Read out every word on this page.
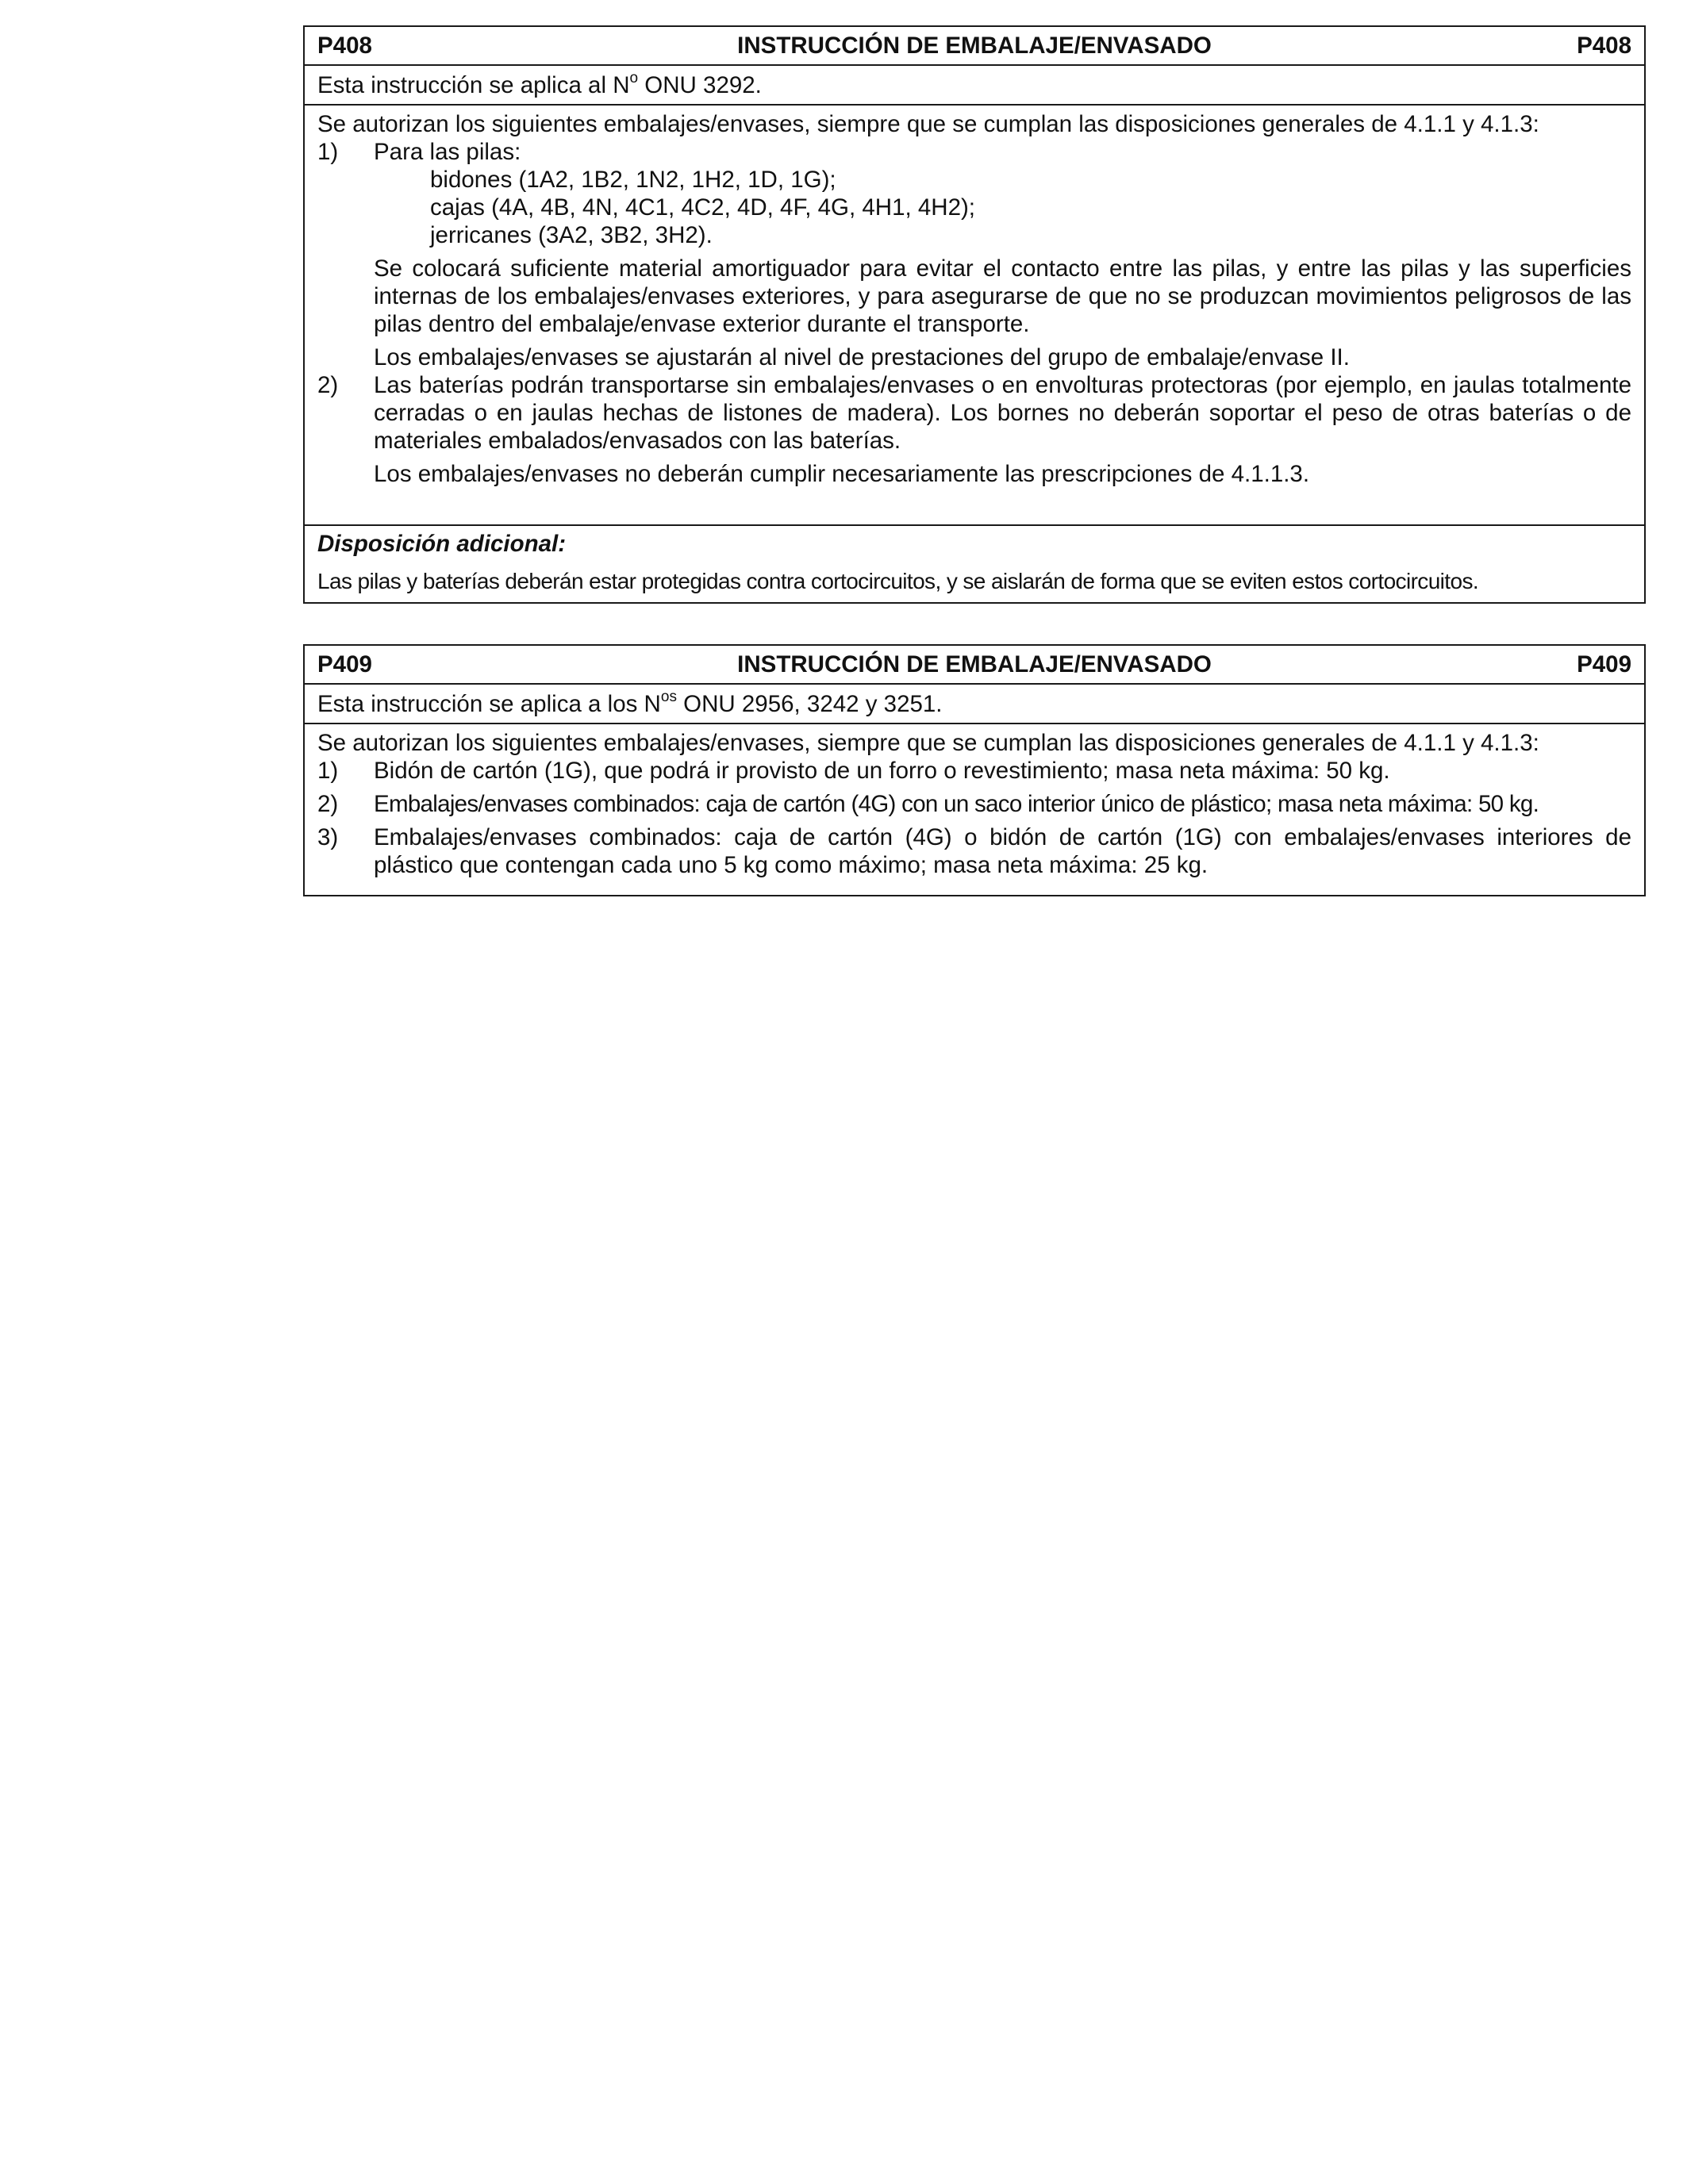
P408	INSTRUCCIÓN DE EMBALAJE/ENVASADO	P408
Esta instrucción se aplica al $N^o$ ONU 3292.
Se autorizan los siguientes embalajes/envases, siempre que se cumplan las disposiciones generales de 4.1.1 y 4.1.3:
1)	Para las pilas:
bidones (1A2, 1B2, 1N2, 1H2, 1D, 1G);
cajas (4A, 4B, 4N, 4C1, 4C2, 4D, 4F, 4G, 4H1, 4H2);
jerricanes (3A2, 3B2, 3H2).
Se colocará suficiente material amortiguador para evitar el contacto entre las pilas, y entre las pilas y las superficies internas de los embalajes/envases exteriores, y para asegurarse de que no se produzcan movimientos peligrosos de las pilas dentro del embalaje/envase exterior durante el transporte.
Los embalajes/envases se ajustarán al nivel de prestaciones del grupo de embalaje/envase II.
2)	Las baterías podrán transportarse sin embalajes/envases o en envolturas protectoras (por ejemplo, en jaulas totalmente cerradas o en jaulas hechas de listones de madera). Los bornes no deberán soportar el peso de otras baterías o de materiales embalados/envasados con las baterías.
Los embalajes/envases no deberán cumplir necesariamente las prescripciones de 4.1.1.3.
Disposición adicional:
Las pilas y baterías deberán estar protegidas contra cortocircuitos, y se aislarán de forma que se eviten estos cortocircuitos.
P409	INSTRUCCIÓN DE EMBALAJE/ENVASADO	P409
Esta instrucción se aplica a los $N^{os}$ ONU 2956, 3242 y 3251.
Se autorizan los siguientes embalajes/envases, siempre que se cumplan las disposiciones generales de 4.1.1 y 4.1.3:
1)	Bidón de cartón (1G), que podrá ir provisto de un forro o revestimiento; masa neta máxima: 50 kg.
2)	Embalajes/envases combinados: caja de cartón (4G) con un saco interior único de plástico; masa neta máxima: 50 kg.
3)	Embalajes/envases combinados: caja de cartón (4G) o bidón de cartón (1G) con embalajes/envases interiores de plástico que contengan cada uno 5 kg como máximo; masa neta máxima: 25 kg.
